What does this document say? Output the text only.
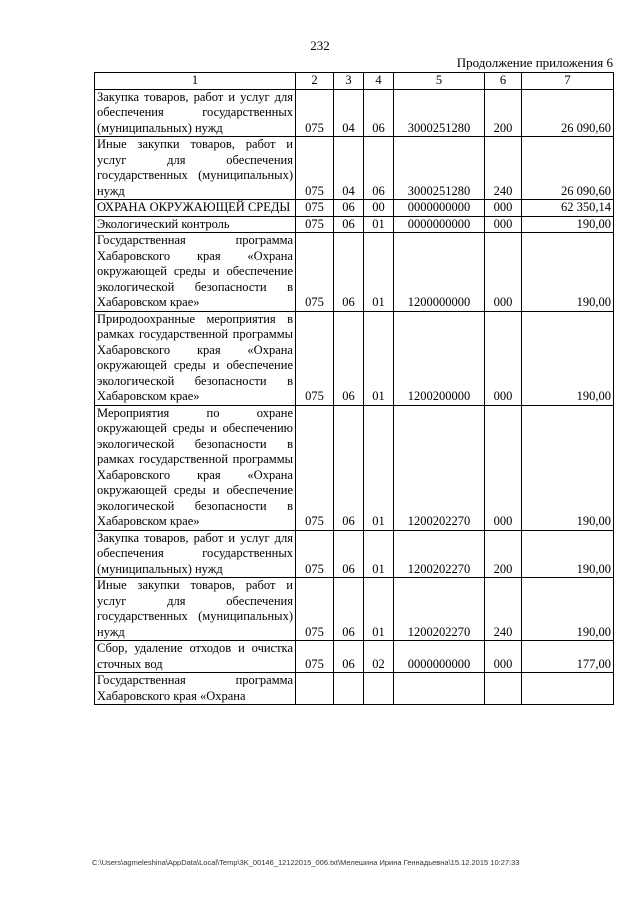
232
Продолжение приложения 6
1	2	3	4	5	6	7
Закупка товаров, работ и услуг для обеспечения государственных (муниципальных) нужд	075	04	06	3000251280	200	26 090,60
Иные закупки товаров, работ и услуг для обеспечения государственных (муниципальных) нужд	075	04	06	3000251280	240	26 090,60
ОХРАНА ОКРУЖАЮЩЕЙ СРЕДЫ	075	06	00	0000000000	000	62 350,14
Экологический контроль	075	06	01	0000000000	000	190,00
Государственная программа Хабаровского края «Охрана окружающей среды и обеспечение экологической безопасности в Хабаровском крае»	075	06	01	1200000000	000	190,00
Природоохранные мероприятия в рамках государственной программы Хабаровского края «Охрана окружающей среды и обеспечение экологической безопасности в Хабаровском крае»	075	06	01	1200200000	000	190,00
Мероприятия по охране окружающей среды и обеспечению экологической безопасности в рамках государственной программы Хабаровского края «Охрана окружающей среды и обеспечение экологической безопасности в Хабаровском крае»	075	06	01	1200202270	000	190,00
Закупка товаров, работ и услуг для обеспечения государственных (муниципальных) нужд	075	06	01	1200202270	200	190,00
Иные закупки товаров, работ и услуг для обеспечения государственных (муниципальных) нужд	075	06	01	1200202270	240	190,00
Сбор, удаление отходов и очистка сточных вод	075	06	02	0000000000	000	177,00
Государственная программа Хабаровского края «Охрана						
C:\Users\agmeleshina\AppData\Local\Temp\3K_00146_12122015_006.txt\Мелешина Ирина Геннадьевна\15.12.2015 10:27:33
